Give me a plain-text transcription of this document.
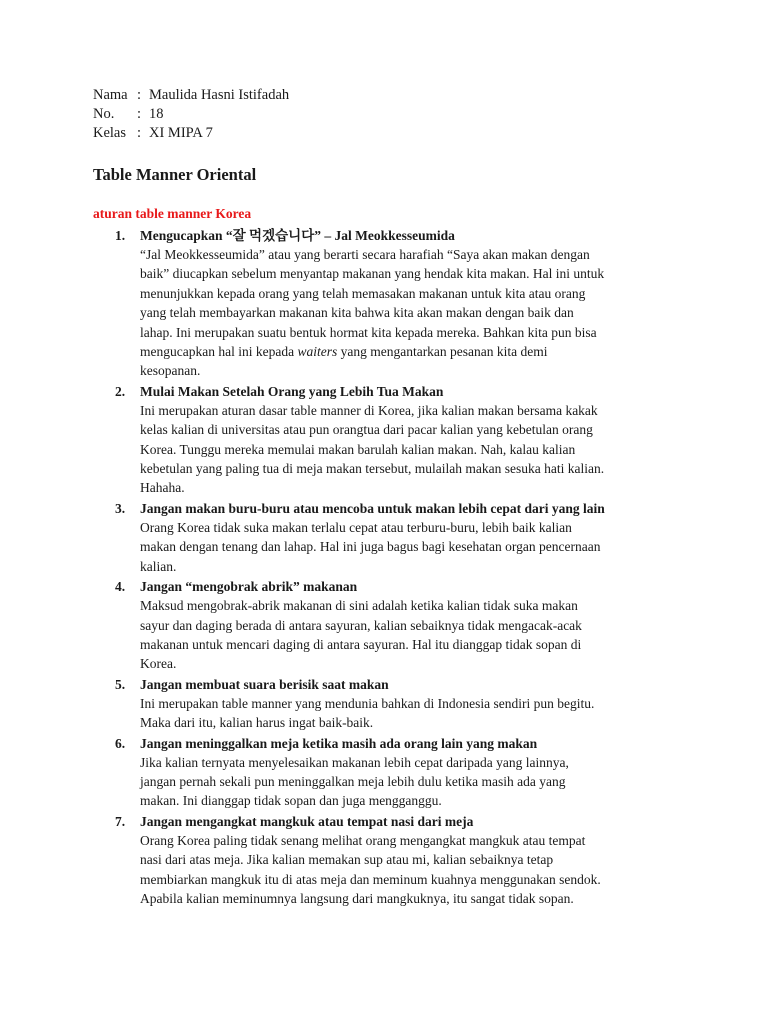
Nama : Maulida Hasni Istifadah
No.	: 18
Kelas : XI MIPA 7
Table Manner Oriental
aturan table manner Korea
1. Mengucapkan “잘 먹겠습니다” – Jal Meokkesseumida
“Jal Meokkesseumida” atau yang berarti secara harafiah “Saya akan makan dengan
baik” diucapkan sebelum menyantap makanan yang hendak kita makan. Hal ini untuk
menunjukkan kepada orang yang telah memasakan makanan untuk kita atau orang
yang telah membayarkan makanan kita bahwa kita akan makan dengan baik dan
lahap. Ini merupakan suatu bentuk hormat kita kepada mereka. Bahkan kita pun bisa
mengucapkan hal ini kepada waiters yang mengantarkan pesanan kita demi
kesopanan.
2. Mulai Makan Setelah Orang yang Lebih Tua Makan
Ini merupakan aturan dasar table manner di Korea, jika kalian makan bersama kakak
kelas kalian di universitas atau pun orangtua dari pacar kalian yang kebetulan orang
Korea. Tunggu mereka memulai makan barulah kalian makan. Nah, kalau kalian
kebetulan yang paling tua di meja makan tersebut, mulailah makan sesuka hati kalian.
Hahaha.
3. Jangan makan buru-buru atau mencoba untuk makan lebih cepat dari yang lain
Orang Korea tidak suka makan terlalu cepat atau terburu-buru, lebih baik kalian
makan dengan tenang dan lahap. Hal ini juga bagus bagi kesehatan organ pencernaan
kalian.
4. Jangan “mengobrak abrik” makanan
Maksud mengobrak-abrik makanan di sini adalah ketika kalian tidak suka makan
sayur dan daging berada di antara sayuran, kalian sebaiknya tidak mengacak-acak
makanan untuk mencari daging di antara sayuran. Hal itu dianggap tidak sopan di
Korea.
5. Jangan membuat suara berisik saat makan
Ini merupakan table manner yang mendunia bahkan di Indonesia sendiri pun begitu.
Maka dari itu, kalian harus ingat baik-baik.
6. Jangan meninggalkan meja ketika masih ada orang lain yang makan
Jika kalian ternyata menyelesaikan makanan lebih cepat daripada yang lainnya,
jangan pernah sekali pun meninggalkan meja lebih dulu ketika masih ada yang
makan. Ini dianggap tidak sopan dan juga mengganggu.
7. Jangan mengangkat mangkuk atau tempat nasi dari meja
Orang Korea paling tidak senang melihat orang mengangkat mangkuk atau tempat
nasi dari atas meja. Jika kalian memakan sup atau mi, kalian sebaiknya tetap
membiarkan mangkuk itu di atas meja dan meminum kuahnya menggunakan sendok.
Apabila kalian meminumnya langsung dari mangkuknya, itu sangat tidak sopan.
